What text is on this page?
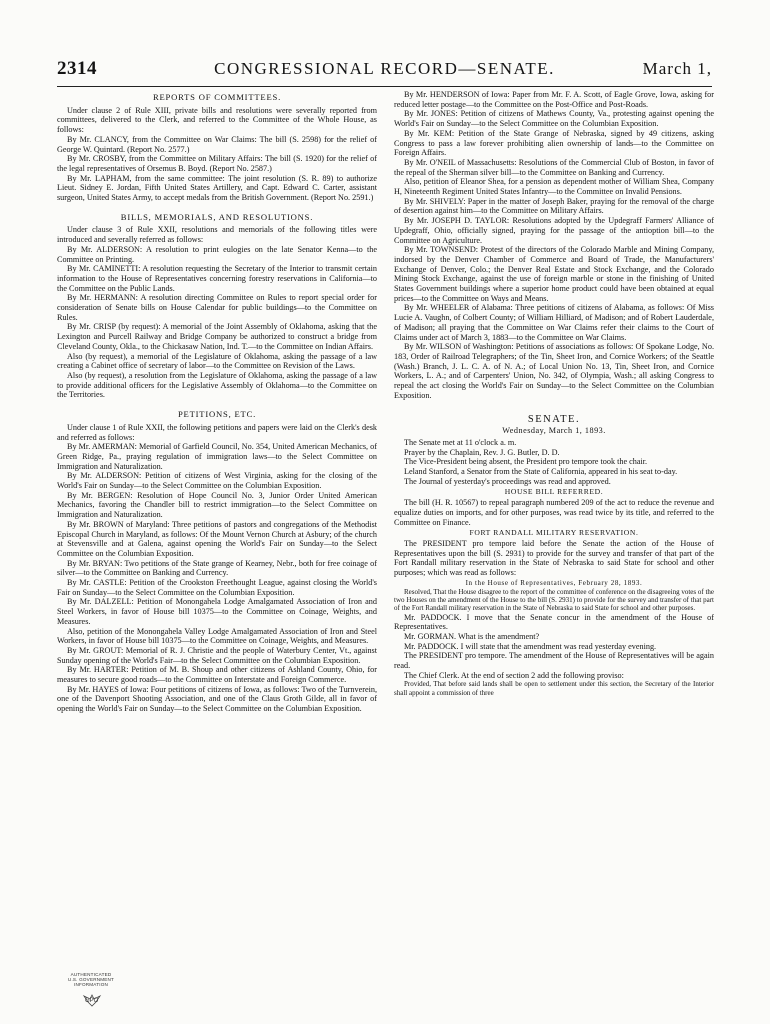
2314	CONGRESSIONAL RECORD—SENATE.	March 1,
REPORTS OF COMMITTEES.

Under clause 2 of Rule XIII, private bills and resolutions were severally reported from committees, delivered to the Clerk, and referred to the Committee of the Whole House, as follows:

By Mr. CLANCY, from the Committee on War Claims: The bill (S. 2598) for the relief of George W. Quintard. (Report No. 2577.)

By Mr. CROSBY, from the Committee on Military Affairs: The bill (S. 1920) for the relief of the legal representatives of Orsemus B. Boyd. (Report No. 2587.)

By Mr. LAPHAM, from the same committee: The joint resolution (S. R. 89) to authorize Lieut. Sidney E. Jordan, Fifth United States Artillery, and Capt. Edward C. Carter, assistant surgeon, United States Army, to accept medals from the British Government. (Report No. 2591.)

BILLS, MEMORIALS, AND RESOLUTIONS.

Under clause 3 of Rule XXII, resolutions and memorials of the following titles were introduced and severally referred as follows:

By Mr. ALDERSON: A resolution to print eulogies on the late Senator Kenna—to the Committee on Printing.

By Mr. CAMINETTI: A resolution requesting the Secretary of the Interior to transmit certain information to the House of Representatives concerning forestry reservations in California—to the Committee on the Public Lands.

By Mr. HERMANN: A resolution directing Committee on Rules to report special order for consideration of Senate bills on House Calendar for public buildings—to the Committee on Rules.

By Mr. CRISP (by request): A memorial of the Joint Assembly of Oklahoma, asking that the Lexington and Purcell Railway and Bridge Company be authorized to construct a bridge from Cleveland County, Okla., to the Chickasaw Nation, Ind. T.—to the Committee on Indian Affairs.

Also (by request), a memorial of the Legislature of Oklahoma, asking the passage of a law creating a Cabinet office of secretary of labor—to the Committee on Revision of the Laws.

Also (by request), a resolution from the Legislature of Oklahoma, asking the passage of a law to provide additional officers for the Legislative Assembly of Oklahoma—to the Committee on the Territories.

PETITIONS, ETC.

Under clause 1 of Rule XXII, the following petitions and papers were laid on the Clerk's desk and referred as follows:

By Mr. AMERMAN: Memorial of Garfield Council, No. 354, United American Mechanics, of Green Ridge, Pa., praying regulation of immigration laws—to the Select Committee on Immigration and Naturalization.

By Mr. ALDERSON: Petition of citizens of West Virginia, asking for the closing of the World's Fair on Sunday—to the Select Committee on the Columbian Exposition.

By Mr. BERGEN: Resolution of Hope Council No. 3, Junior Order United American Mechanics, favoring the Chandler bill to restrict immigration—to the Select Committee on Immigration and Naturalization.

By Mr. BROWN of Maryland: Three petitions of pastors and congregations of the Methodist Episcopal Church in Maryland, as follows: Of the Mount Vernon Church at Asbury; of the church at Stevensville and at Galena, against opening the World's Fair on Sunday—to the Select Committee on the Columbian Exposition.

By Mr. BRYAN: Two petitions of the State grange of Kearney, Nebr., both for free coinage of silver—to the Committee on Banking and Currency.

By Mr. CASTLE: Petition of the Crookston Freethought League, against closing the World's Fair on Sunday—to the Select Committee on the Columbian Exposition.

By Mr. DALZELL: Petition of Monongahela Lodge Amalgamated Association of Iron and Steel Workers, in favor of House bill 10375—to the Committee on Coinage, Weights, and Measures.

Also, petition of the Monongahela Valley Lodge Amalgamated Association of Iron and Steel Workers, in favor of House bill 10375—to the Committee on Coinage, Weights, and Measures.

By Mr. GROUT: Memorial of R. J. Christie and the people of Waterbury Center, Vt., against Sunday opening of the World's Fair—to the Select Committee on the Columbian Exposition.

By Mr. HARTER: Petition of M. B. Shoup and other citizens of Ashland County, Ohio, for measures to secure good roads—to the Committee on Interstate and Foreign Commerce.

By Mr. HAYES of Iowa: Four petitions of citizens of Iowa, as follows: Two of the Turnverein, one of the Davenport Shooting Association, and one of the Claus Groth Gilde, all in favor of opening the World's Fair on Sunday—to the Select Committee on the Columbian Exposition.

By Mr. HENDERSON of Iowa: Paper from Mr. F. A. Scott, of Eagle Grove, Iowa, asking for reduced letter postage—to the Committee on the Post-Office and Post-Roads.

By Mr. JONES: Petition of citizens of Mathews County, Va., protesting against opening the World's Fair on Sunday—to the Select Committee on the Columbian Exposition.

By Mr. KEM: Petition of the State Grange of Nebraska, signed by 49 citizens, asking Congress to pass a law forever prohibiting alien ownership of lands—to the Committee on Foreign Affairs.

By Mr. O'NEIL of Massachusetts: Resolutions of the Commercial Club of Boston, in favor of the repeal of the Sherman silver bill—to the Committee on Banking and Currency.

Also, petition of Eleanor Shea, for a pension as dependent mother of William Shea, Company H, Nineteenth Regiment United States Infantry—to the Committee on Invalid Pensions.

By Mr. SHIVELY: Paper in the matter of Joseph Baker, praying for the removal of the charge of desertion against him—to the Committee on Military Affairs.

By Mr. JOSEPH D. TAYLOR: Resolutions adopted by the Updegraff Farmers' Alliance of Updegraff, Ohio, officially signed, praying for the passage of the antioption bill—to the Committee on Agriculture.

By Mr. TOWNSEND: Protest of the directors of the Colorado Marble and Mining Company, indorsed by the Denver Chamber of Commerce and Board of Trade, the Manufacturers' Exchange of Denver, Colo.; the Denver Real Estate and Stock Exchange, and the Colorado Mining Stock Exchange, against the use of foreign marble or stone in the finishing of United States Government buildings where a superior home product could have been obtained at equal prices—to the Committee on Ways and Means.

By Mr. WHEELER of Alabama: Three petitions of citizens of Alabama, as follows: Of Miss Lucie A. Vaughn, of Colbert County; of William Hilliard, of Madison; and of Robert Lauderdale, of Madison; all praying that the Committee on War Claims refer their claims to the Court of Claims under act of March 3, 1883—to the Committee on War Claims.

By Mr. WILSON of Washington: Petitions of associations as follows: Of Spokane Lodge, No. 183, Order of Railroad Telegraphers; of the Tin, Sheet Iron, and Cornice Workers; of the Seattle (Wash.) Branch, J. L. C. A. of N. A.; of Local Union No. 13, Tin, Sheet Iron, and Cornice Workers, L. A.; and of Carpenters' Union, No. 342, of Olympia, Wash.; all asking Congress to repeal the act closing the World's Fair on Sunday—to the Select Committee on the Columbian Exposition.

SENATE.

Wednesday, March 1, 1893.

The Senate met at 11 o'clock a. m.

Prayer by the Chaplain, Rev. J. G. Butler, D. D.

The Vice-President being absent, the President pro tempore took the chair.

Leland Stanford, a Senator from the State of California, appeared in his seat to-day.

The Journal of yesterday's proceedings was read and approved.

HOUSE BILL REFERRED.

The bill (H. R. 10567) to repeal paragraph numbered 209 of the act to reduce the revenue and equalize duties on imports, and for other purposes, was read twice by its title, and referred to the Committee on Finance.

FORT RANDALL MILITARY RESERVATION.

The PRESIDENT pro tempore laid before the Senate the action of the House of Representatives upon the bill (S. 2931) to provide for the survey and transfer of that part of the Fort Randall military reservation in the State of Nebraska to said State for school and other purposes; which was read as follows:

In the House of Representatives, February 28, 1893.

Resolved, That the House disagree to the report of the committee of conference on the disagreeing votes of the two Houses on the amendment of the House to the bill (S. 2931) to provide for the survey and transfer of that part of the Fort Randall military reservation in the State of Nebraska to said State for school and other purposes.

Mr. PADDOCK. I move that the Senate concur in the amendment of the House of Representatives.

Mr. GORMAN. What is the amendment?

Mr. PADDOCK. I will state that the amendment was read yesterday evening.

The PRESIDENT pro tempore. The amendment of the House of Representatives will be again read.

The Chief Clerk. At the end of section 2 add the following proviso:

Provided, That before said lands shall be open to settlement under this section, the Secretary of the Interior shall appoint a commission of three

AUTHENTICATED
U.S. GOVERNMENT
INFORMATION
GPO
